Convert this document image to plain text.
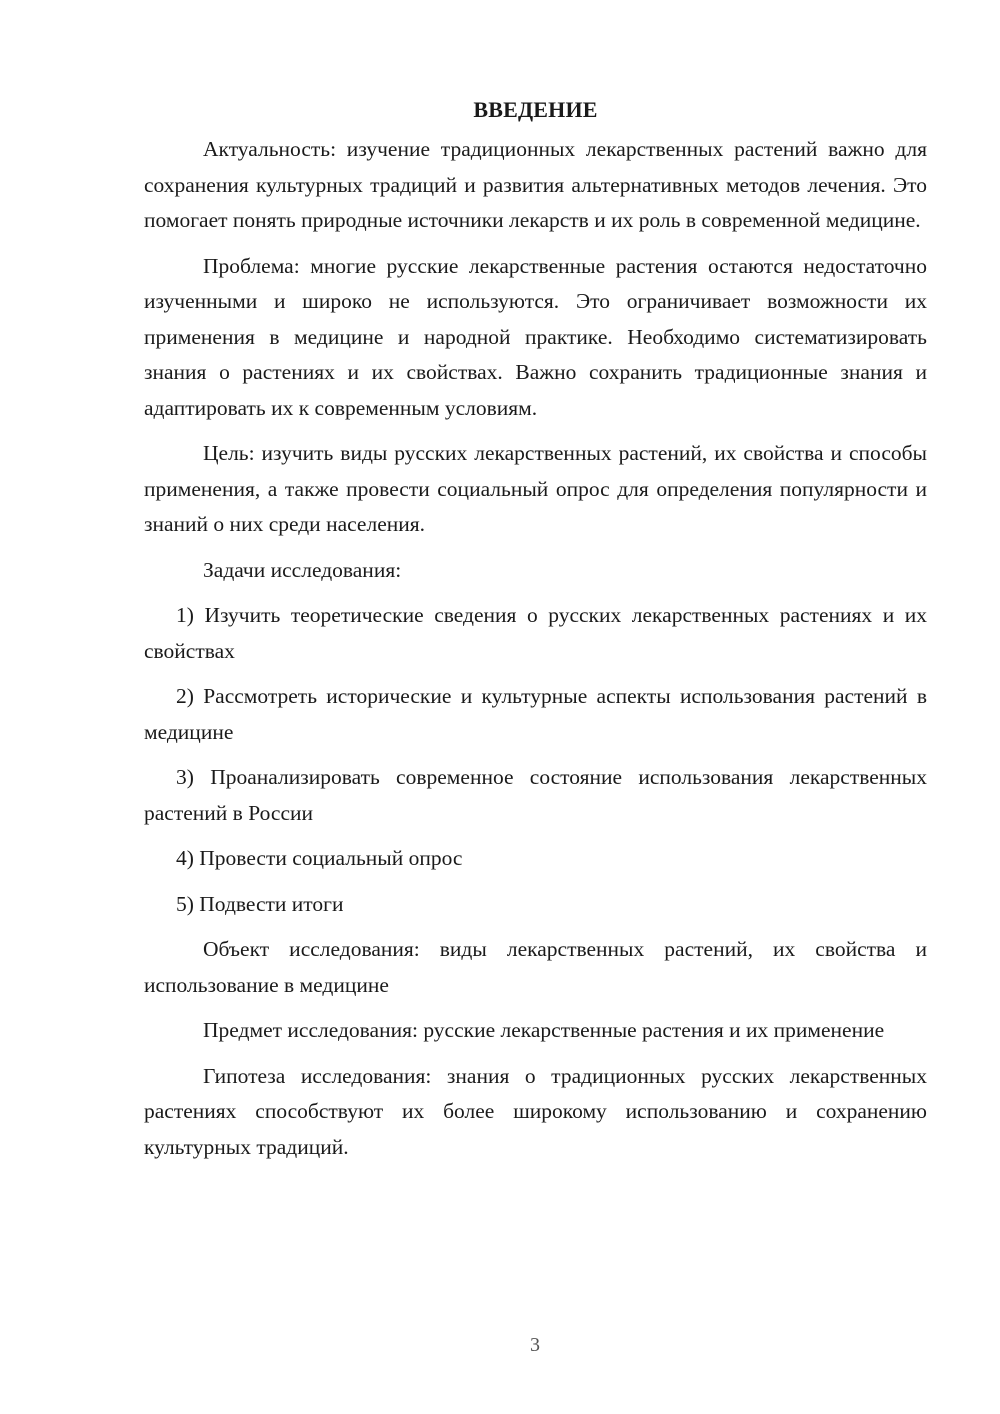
ВВЕДЕНИЕ

Актуальность: изучение традиционных лекарственных растений важно для сохранения культурных традиций и развития альтернативных методов лечения. Это помогает понять природные источники лекарств и их роль в современной медицине.

Проблема: многие русские лекарственные растения остаются недостаточно изученными и широко не используются. Это ограничивает возможности их применения в медицине и народной практике. Необходимо систематизировать знания о растениях и их свойствах. Важно сохранить традиционные знания и адаптировать их к современным условиям.

Цель: изучить виды русских лекарственных растений, их свойства и способы применения, а также провести социальный опрос для определения популярности и знаний о них среди населения.

Задачи исследования:

1) Изучить теоретические сведения о русских лекарственных растениях и их свойствах

2) Рассмотреть исторические и культурные аспекты использования растений в медицине

3) Проанализировать современное состояние использования лекарственных растений в России

4) Провести социальный опрос

5) Подвести итоги

Объект исследования: виды лекарственных растений, их свойства и использование в медицине

Предмет исследования: русские лекарственные растения и их применение

Гипотеза исследования: знания о традиционных русских лекарственных растениях способствуют их более широкому использованию и сохранению культурных традиций.

3
